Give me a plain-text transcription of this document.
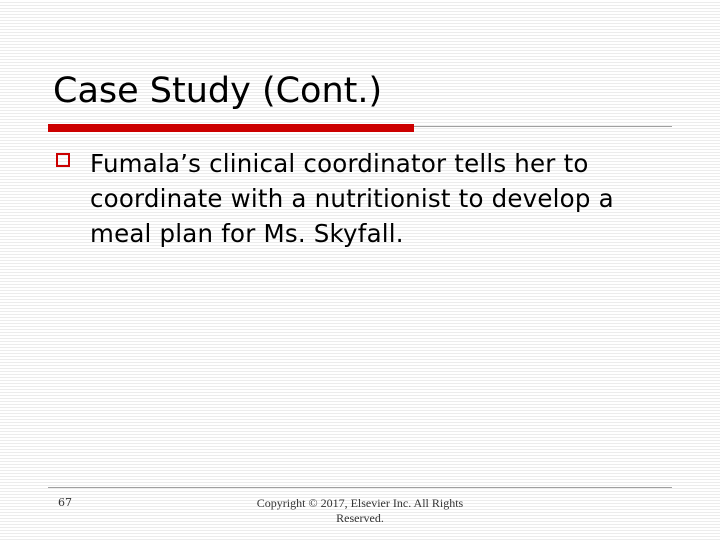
Case Study (Cont.)
Fumala’s clinical coordinator tells her to coordinate with a nutritionist to develop a meal plan for Ms. Skyfall.
67	Copyright © 2017, Elsevier Inc. All Rights Reserved.
